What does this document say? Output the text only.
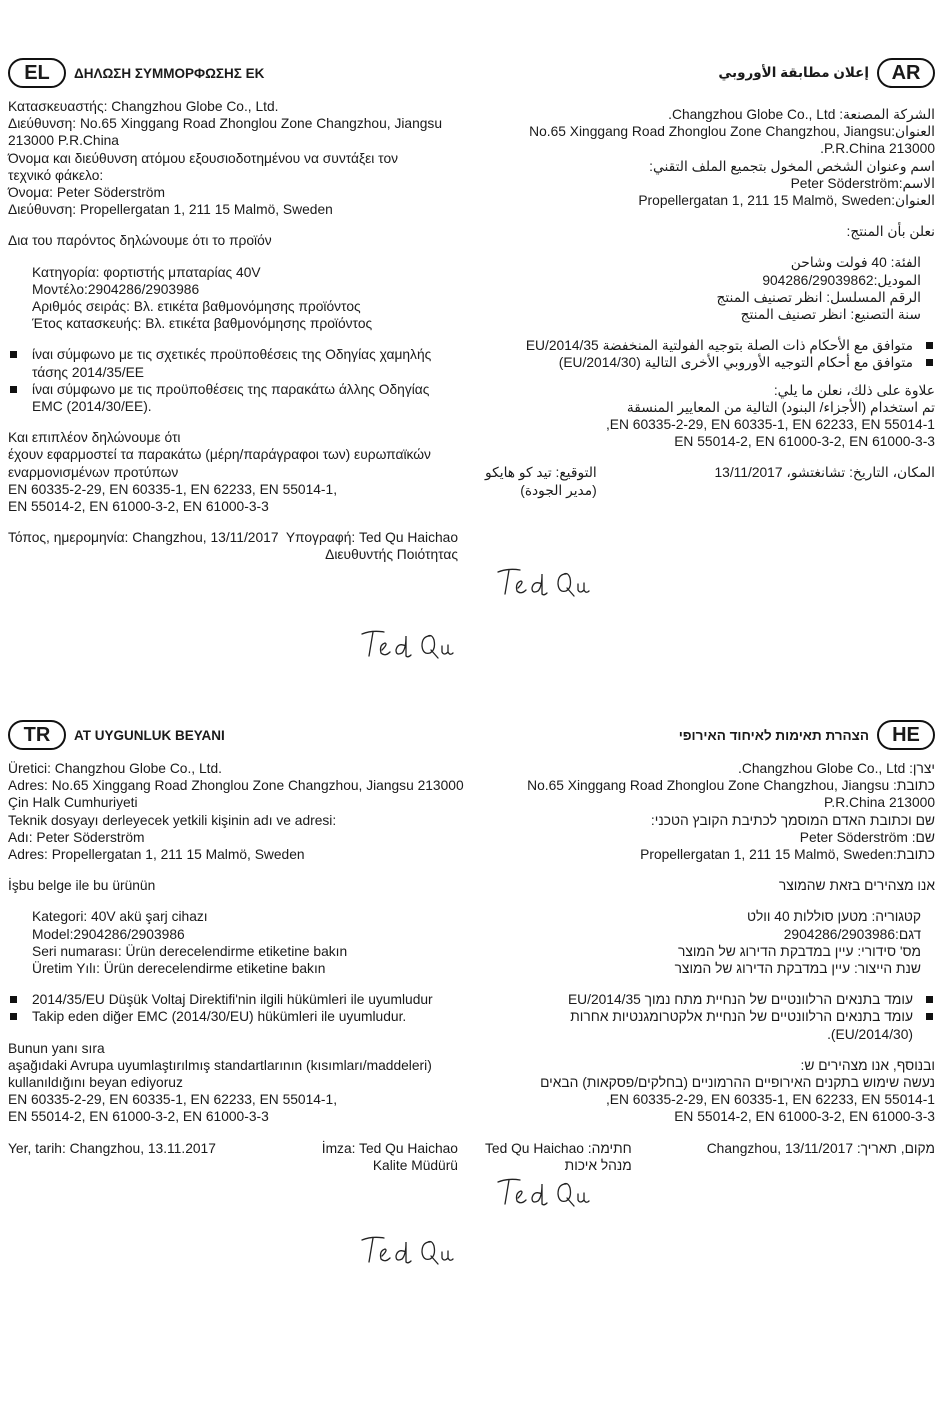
EL	ΔΗΛΩΣΗ ΣΥΜΜΟΡΦΩΣΗΣ ΕΚ
Κατασκευαστής: Changzhou Globe Co., Ltd.
Διεύθυνση: No.65 Xinggang Road Zhonglou Zone Changzhou, Jiangsu
213000 P.R.China
Όνομα και διεύθυνση ατόμου εξουσιοδοτημένου να συντάξει τον
τεχνικό φάκελο:
Όνομα: Peter Söderström
Διεύθυνση: Propellergatan 1, 211 15 Malmö, Sweden
Δια του παρόντος δηλώνουμε ότι το προϊόν
Κατηγορία: φορτιστής μπαταρίας 40V
Μοντέλο:2904286/2903986
Αριθμός σειράς: Βλ. ετικέτα βαθμονόμησης προϊόντος
Έτος κατασκευής: Βλ. ετικέτα βαθμονόμησης προϊόντος
ίναι σύμφωνο με τις σχετικές προϋποθέσεις της Οδηγίας χαμηλής τάσης 2014/35/ΕΕ
ίναι σύμφωνο με τις προϋποθέσεις της παρακάτω άλλης Οδηγίας EMC (2014/30/EE).
Και επιπλέον δηλώνουμε ότι
έχουν εφαρμοστεί τα παρακάτω (μέρη/παράγραφοι των) ευρωπαϊκών
εναρμονισμένων προτύπων
EN 60335-2-29, EN 60335-1, EN 62233, EN 55014-1,
EN 55014-2, EN 61000-3-2, EN 61000-3-3
Τόπος, ημερομηνία: Changzhou, 13/11/2017 Υπογραφή: Ted Qu Haichao
Διευθυντής Ποιότητας
AR
إعلان مطابقة الأوروبي
الشركة المصنعة: Changzhou Globe Co., Ltd.
العنوان:No.65 Xinggang Road Zhonglou Zone Changzhou, Jiangsu
213000 P.R.China.
اسم وعنوان الشخص المخول بتجميع الملف التقني:
الاسم:Peter Söderström
العنوان:Propellergatan 1, 211 15 Malmö, Sweden
نعلن بأن المنتج:
الفئة: 40 فولت وشاحن
الموديل:904286/29039862
الرقم المسلسل: انظر تصنيف المنتج
سنة التصنيع: انظر تصنيف المنتج
متوافق مع الأحكام ذات الصلة بتوجيه الفولتية المنخفضة 2014/35/EU
متوافق مع أحكام التوجيه الأوروبي الأخرى التالية (2014/30/EU)
علاوة على ذلك، نعلن ما يلي:
تم استخدام (الأجزاء/ البنود) التالية من المعايير المنسقة
EN 60335-2-29, EN 60335-1, EN 62233, EN 55014-1,
EN 55014-2, EN 61000-3-2, EN 61000-3-3
المكان، التاريخ: تشانغتشو، 13/11/2017
التوقيع: تيد كو هايكو
(مدير الجودة)
TR	AT UYGUNLUK BEYANI
Üretici: Changzhou Globe Co., Ltd.
Adres: No.65 Xinggang Road Zhonglou Zone Changzhou, Jiangsu 213000
Çin Halk Cumhuriyeti
Teknik dosyayı derleyecek yetkili kişinin adı ve adresi:
Adı: Peter Söderström
Adres: Propellergatan 1, 211 15 Malmö, Sweden
İşbu belge ile bu ürünün
Kategori: 40V akü şarj cihazı
Model:2904286/2903986
Seri numarası: Ürün derecelendirme etiketine bakın
Üretim Yılı: Ürün derecelendirme etiketine bakın
2014/35/EU Düşük Voltaj Direktifi'nin ilgili hükümleri ile uyumludur
Takip eden diğer EMC (2014/30/EU) hükümleri ile uyumludur.
Bunun yanı sıra
aşağıdaki Avrupa uyumlaştırılmış standartlarının (kısımları/maddeleri)
kullanıldığını beyan ediyoruz
EN 60335-2-29, EN 60335-1, EN 62233, EN 55014-1,
EN 55014-2, EN 61000-3-2, EN 61000-3-3
Yer, tarih: Changzhou, 13.11.2017	İmza: Ted Qu Haichao
Kalite Müdürü
HE
הצהרת תאימות לאיחוד האירופי
יצרן: Changzhou Globe Co., Ltd.
כתובת: No.65 Xinggang Road Zhonglou Zone Changzhou, Jiangsu
213000 P.R.China
שם וכתובת האדם המוסמך לכתיבת הקובץ הטכני:
שם: Peter Söderström
כתובת:Propellergatan 1, 211 15 Malmö, Sweden
אנו מצהירים בזאת שהמוצר
קטגוריה: מטען סוללות 40 וולט
דגם:2904286/2903986
מס' סידורי: עיין במדבקת הדירוג של המוצר
שנת הייצור: עיין במדבקת הדירוג של המוצר
עומד בתנאים הרלוונטיים של הנחיית מתח נמוך 2014/35/EU
עומד בתנאים הרלוונטיים של הנחיית אלקטרומגנטיות אחרות (2014/30/EU).
ובנוסף, אנו מצהירים ש:
נעשה שימוש בתקנים האירופיים ההרמוניים (בחלקים/פסקאות) הבאים
EN 60335-2-29, EN 60335-1, EN 62233, EN 55014-1,
EN 55014-2, EN 61000-3-2, EN 61000-3-3
מקום, תאריך: Changzhou, 13/11/2017
חתימה: Ted Qu Haichao
מנהל איכות
